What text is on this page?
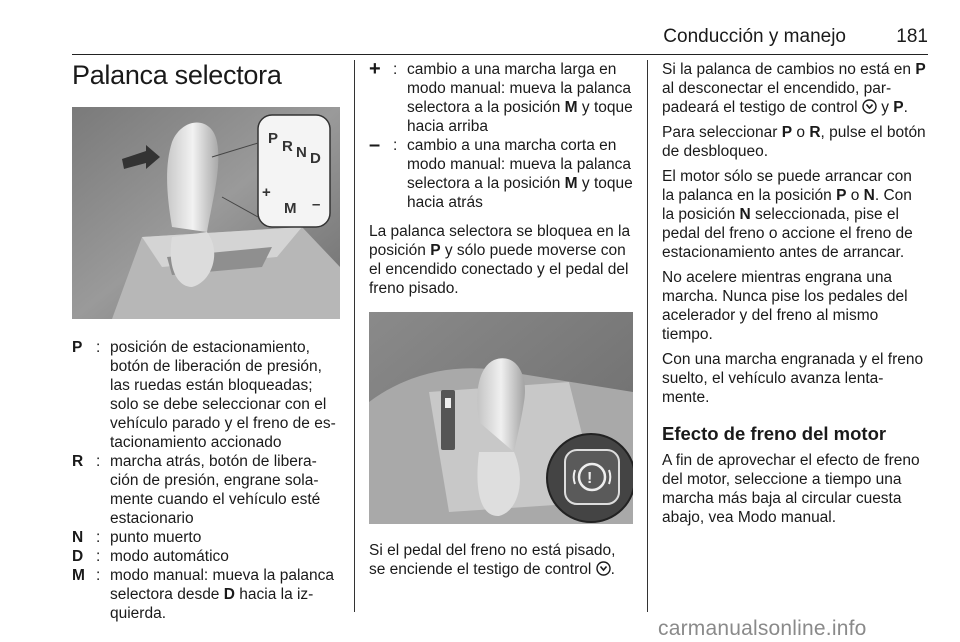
Conducción y manejo	181
Palanca selectora
P R N D
+
M –
P : posición de estacionamiento, botón de liberación de presión, las ruedas están bloqueadas; solo se debe seleccionar con el vehículo parado y el freno de es‐tacionamiento accionado
R : marcha atrás, botón de libera‐ción de presión, engrane sola‐mente cuando el vehículo esté estacionario
N : punto muerto
D : modo automático
M : modo manual: mueva la palanca selectora desde D hacia la iz‐quierda.
+ : cambio a una marcha larga en modo manual: mueva la palanca selectora a la posición M y toque hacia arriba
– : cambio a una marcha corta en modo manual: mueva la palanca selectora a la posición M y toque hacia atrás

La palanca selectora se bloquea en la posición P y sólo puede moverse con el encendido conectado y el pedal del freno pisado.

!

Si el pedal del freno no está pisado, se enciende el testigo de control .

Si la palanca de cambios no está en P al desconectar el encendido, par‐padeará el testigo de control  y P.

Para seleccionar P o R, pulse el botón de desbloqueo.

El motor sólo se puede arrancar con la palanca en la posición P o N. Con la posición N seleccionada, pise el pedal del freno o accione el freno de estacionamiento antes de arrancar.

No acelere mientras engrana una marcha. Nunca pise los pedales del acelerador y del freno al mismo tiempo.

Con una marcha engranada y el freno suelto, el vehículo avanza lenta‐mente.

Efecto de freno del motor

A fin de aprovechar el efecto de freno del motor, seleccione a tiempo una marcha más baja al circular cuesta abajo, vea Modo manual.

carmanualsonline.info
